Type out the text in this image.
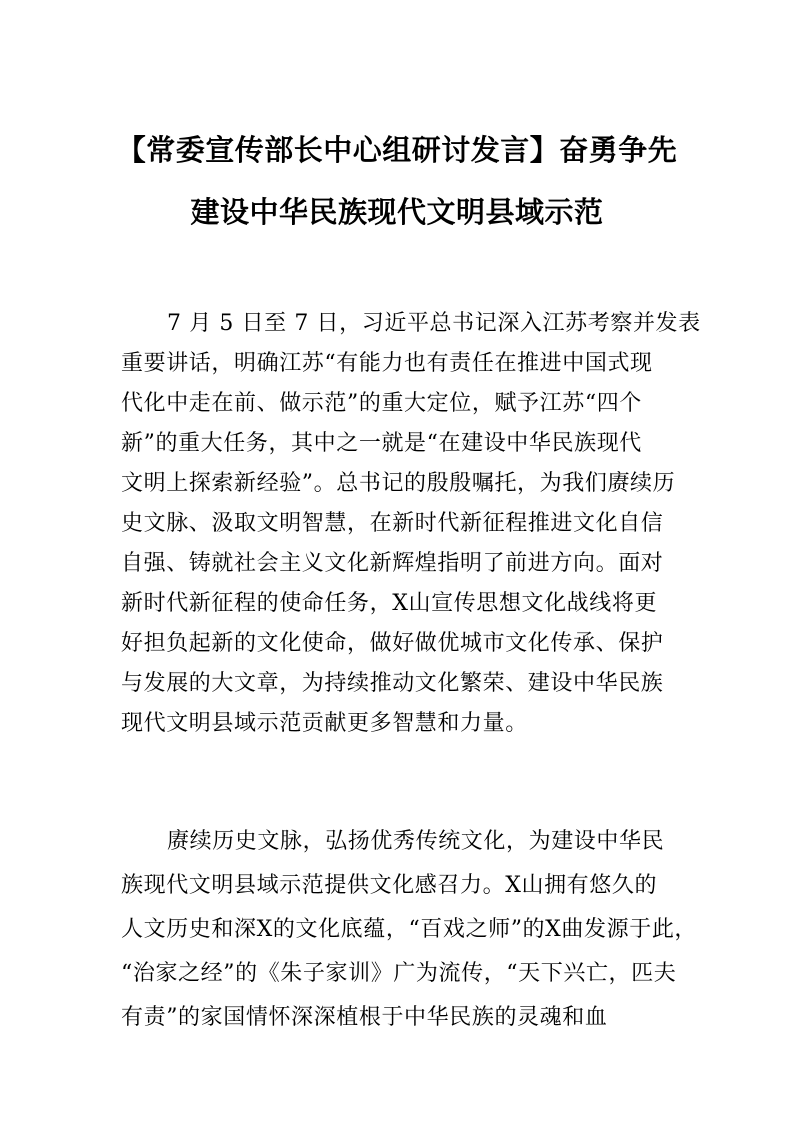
【常委宣传部长中心组研讨发言】奋勇争先
建设中华民族现代文明县域示范
7 月 5 日至 7 日，习近平总书记深入江苏考察并发表
重要讲话，明确江苏“有能力也有责任在推进中国式现
代化中走在前、做示范”的重大定位，赋予江苏“四个
新”的重大任务，其中之一就是“在建设中华民族现代
文明上探索新经验”。总书记的殷殷嘱托，为我们赓续历
史文脉、汲取文明智慧，在新时代新征程推进文化自信
自强、铸就社会主义文化新辉煌指明了前进方向。面对
新时代新征程的使命任务，X山宣传思想文化战线将更
好担负起新的文化使命，做好做优城市文化传承、保护
与发展的大文章，为持续推动文化繁荣、建设中华民族
现代文明县域示范贡献更多智慧和力量。
赓续历史文脉，弘扬优秀传统文化，为建设中华民
族现代文明县域示范提供文化感召力。X山拥有悠久的
人文历史和深X的文化底蕴，“百戏之师”的X曲发源于此，
“治家之经”的《朱子家训》广为流传，“天下兴亡，匹夫
有责”的家国情怀深深植根于中华民族的灵魂和血
